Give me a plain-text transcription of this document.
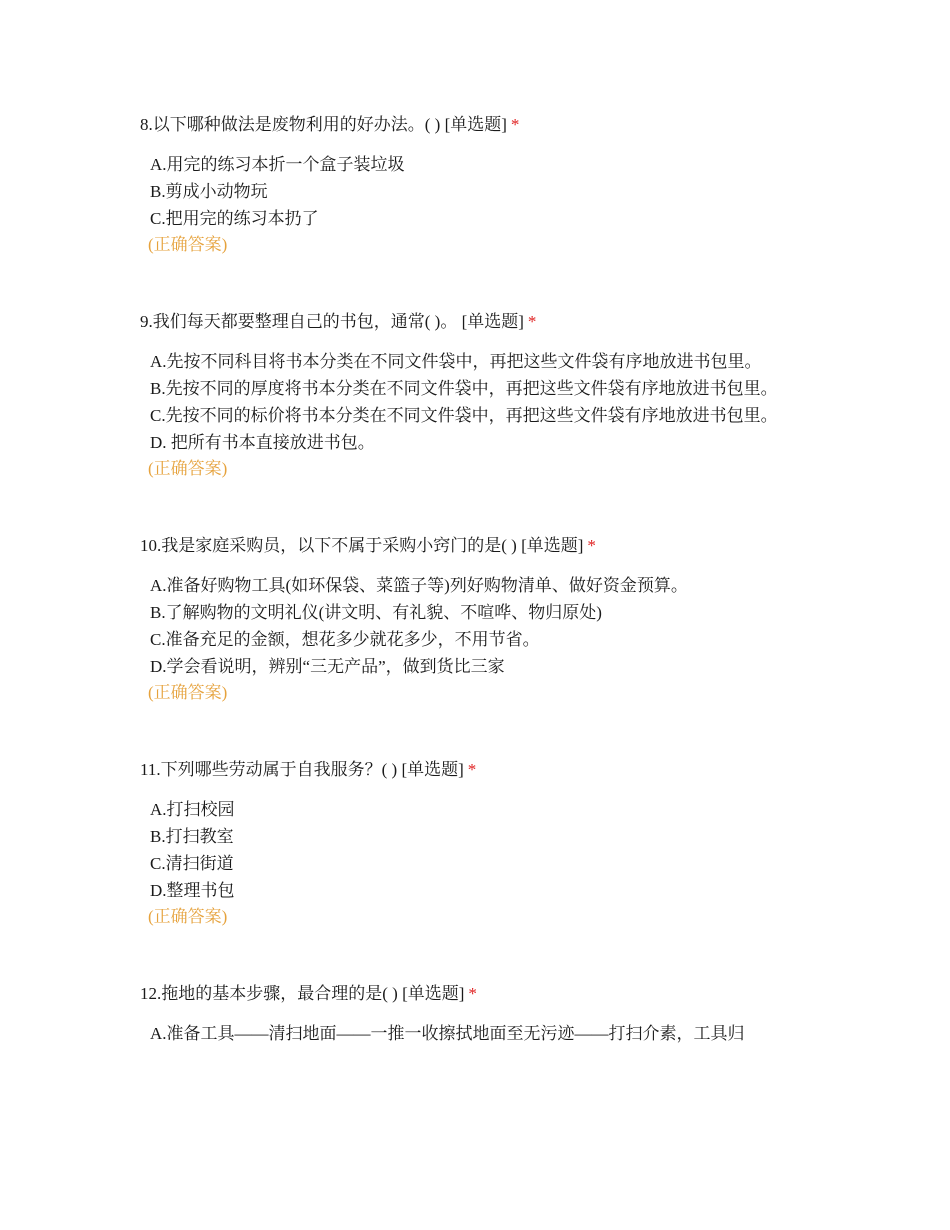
8.以下哪种做法是废物利用的好办法。( ) [单选题] *
A.用完的练习本折一个盒子装垃圾
B.剪成小动物玩
C.把用完的练习本扔了
(正确答案)
9.我们每天都要整理自己的书包，通常( )。 [单选题] *
A.先按不同科目将书本分类在不同文件袋中，再把这些文件袋有序地放进书包里。
B.先按不同的厚度将书本分类在不同文件袋中，再把这些文件袋有序地放进书包里。
C.先按不同的标价将书本分类在不同文件袋中，再把这些文件袋有序地放进书包里。
D. 把所有书本直接放进书包。
(正确答案)
10.我是家庭采购员，以下不属于采购小窍门的是( ) [单选题] *
A.准备好购物工具(如环保袋、菜篮子等)列好购物清单、做好资金预算。
B.了解购物的文明礼仪(讲文明、有礼貌、不喧哗、物归原处)
C.准备充足的金额，想花多少就花多少，不用节省。
D.学会看说明，辨别“三无产品”，做到货比三家
(正确答案)
11.下列哪些劳动属于自我服务？( ) [单选题] *
A.打扫校园
B.打扫教室
C.清扫街道
D.整理书包
(正确答案)
12.拖地的基本步骤，最合理的是( ) [单选题] *
A.准备工具——清扫地面——一推一收擦拭地面至无污迹——打扫介素，工具归
